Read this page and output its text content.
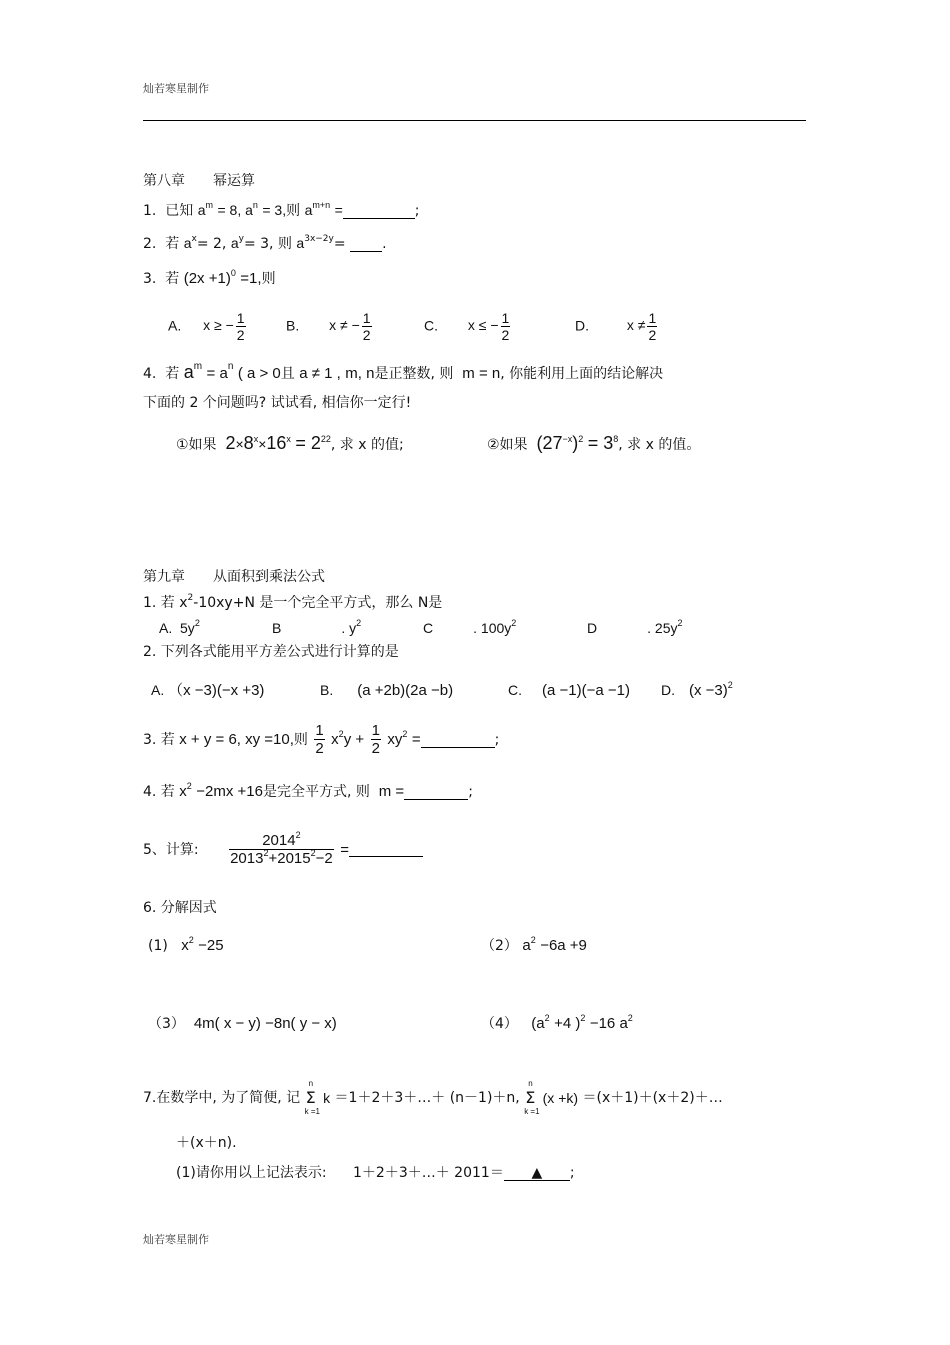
灿若寒星制作
第八章　　幂运算
1. 已知 $a^m = 8$, $a^n = 3$,则 $a^{m+n}$ =	;
2. 若 $a^x= 2$, $a^y= 3$, 则 $a^{3x-2y}=$	.
3. 若 $(2x +1)^0 =1$,则
A. x ≥ − $\frac{1}{2}$	B. x ≠ − $\frac{1}{2}$	C. x ≤ − $\frac{1}{2}$	D.	$x \ne \frac{1}{2}$
4. 若 $a^m = a^n$ ( a > 0且 a ≠ 1 , m, n是正整数, 则 m = n, 你能利用上面的结论解决
下面的 2 个问题吗? 试试看, 相信你一定行!
①如果 $2\times 8^x\times 16^x = 2^{22}$, 求 x 的值;	②如果 $(27^{-x})^2 = 3^8$, 求 x 的值。
第九章　　从面积到乘法公式
1. 若 $x^2-10xy+N$ 是一个完全平方式，那么 N是
A. $5y^2$	B	. $y^2$	C	. $100y^2$	D	. $25y^2$
2. 下列各式能用平方差公式进行计算的是
A. （x −3)(−x +3)	B. (a +2b)(2a −b)	C. (a −1)(−a −1) D. $(x -3)^2$
3. 若 x + y = 6, xy =10,则 $\frac{1}{2} x^2y + \frac{1}{2} xy^2$ =	;
4. 若 $x^2 -2mx +16$是完全平方式, 则 m =	;
5、计算: $\frac{2014^2}{2013^2+2015^2-2}$ =
6. 分解因式
(1) $x^2 -25$	（2） $a^2 -6a +9$
（3） 4m( x − y) −8n( y − x)	（4） ($a^2 +4$ )$^2$ −16 $a^2$
7.在数学中, 为了简便, 记
n
Σ
k =1
k ＝1＋2＋3＋…＋ (n－1)＋n,
n
Σ
k =1
(x +k) ＝(x＋1)＋(x＋2)＋…
＋(x＋n).
(1)请你用以上记法表示: 1＋2＋3＋…＋ 2011＝ ▲ ;
灿若寒星制作
